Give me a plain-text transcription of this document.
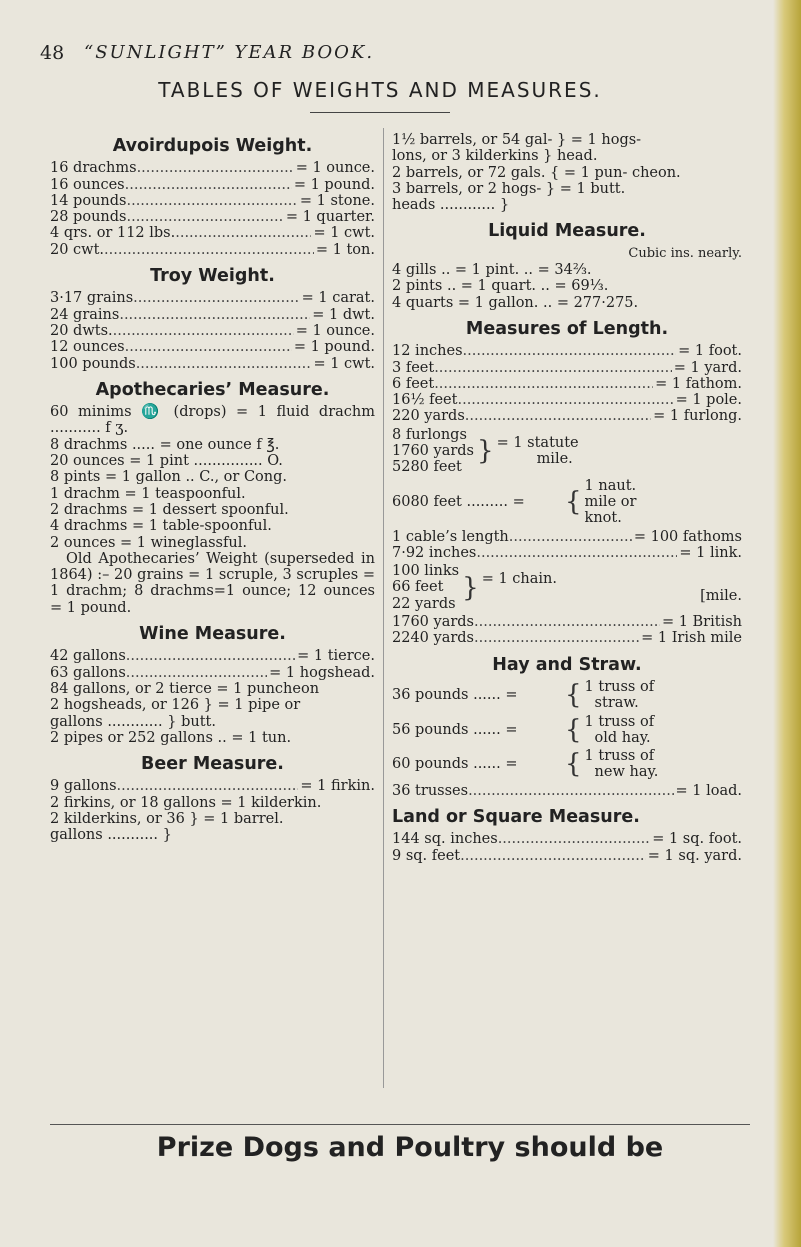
48 “SUNLIGHT” YEAR BOOK.
TABLES OF WEIGHTS AND MEASURES.
Avoirdupois Weight.
16 drachms .....	= 1 ounce.
16 ounces .....	= 1 pound.
14 pounds .....	= 1 stone.
28 pounds .....	= 1 quarter.
4 qrs. or 112 lbs. .....	= 1 cwt.
20 cwt. .....	= 1 ton.
Troy Weight.
3·17 grains .....	= 1 carat.
24 grains .....	= 1 dwt.
20 dwts. .....	= 1 ounce.
12 ounces .....	= 1 pound.
100 pounds .....	= 1 cwt.
Apothecaries’ Measure.
60 minims ♏ (drops) = 1 fluid drachm ........... f ʒ.
8 drachms ..... = one ounce f ℥.
20 ounces = 1 pint ............... O.
8 pints = 1 gallon .. C., or Cong.
1 drachm = 1 teaspoonful.
2 drachms = 1 dessert spoonful.
4 drachms = 1 table-spoonful.
2 ounces = 1 wineglassful.
Old Apothecaries’ Weight (superseded in 1864) :– 20 grains = 1 scruple, 3 scruples = 1 drachm; 8 drachms=1 ounce; 12 ounces = 1 pound.
Wine Measure.
42 gallons .....	= 1 tierce.
63 gallons .....	= 1 hogshead.
84 gallons, or 2 tierce = 1 puncheon
2 hogsheads, or 126 } = 1 pipe or
gallons ............ } butt.
2 pipes or 252 gallons .. = 1 tun.
Beer Measure.
9 gallons .....	= 1 firkin.
2 firkins, or 18 gallons = 1 kilderkin.
2 kilderkins, or 36 } = 1 barrel.
gallons ........... }
1½ barrels, or 54 gal- } = 1 hogs-
lons, or 3 kilderkins } head.
2 barrels, or 72 gals. { = 1 pun- cheon.
3 barrels, or 2 hogs- } = 1 butt.
heads ............ }
Liquid Measure.
Cubic ins. nearly.
4 gills .. = 1 pint. .. = 34⅔.
2 pints .. = 1 quart. .. = 69⅓.
4 quarts = 1 gallon. .. = 277·275.
Measures of Length.
12 inches .....	= 1 foot.
3 feet .....	= 1 yard.
6 feet .....	= 1 fathom.
16½ feet .....	= 1 pole.
220 yards .....	= 1 furlong.
8 furlongs
1760 yards
5280 feet
} = 1 statute
mile.
6080 feet ......... =	{
1 naut.
mile or
knot.
1 cable’s length .....	= 100 fathoms
7·92 inches .....	= 1 link.
100 links
66 feet
22 yards
} = 1 chain.
[mile.
1760 yards .....	= 1 British
2240 yards .....	= 1 Irish mile
Hay and Straw.
36 pounds ...... =	{ 1 truss of
straw.
56 pounds ...... =	{ 1 truss of
old hay.
60 pounds ...... =	{ 1 truss of
new hay.
36 trusses .....	= 1 load.
Land or Square Measure.
144 sq. inches .....	= 1 sq. foot.
9 sq. feet .....	= 1 sq. yard.
Prize Dogs and Poultry should be
